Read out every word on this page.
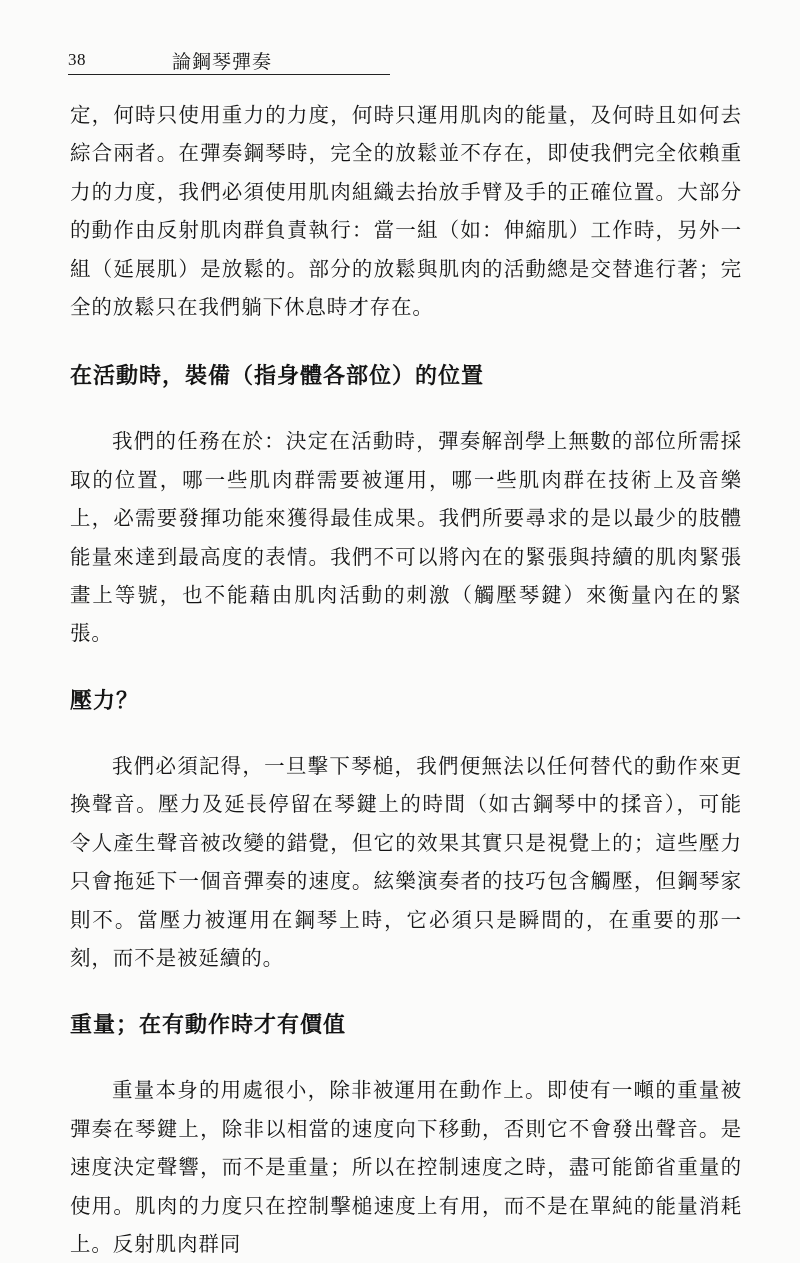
38	論鋼琴彈奏

定，何時只使用重力的力度，何時只運用肌肉的能量，及何時且如何去綜合兩者。在彈奏鋼琴時，完全的放鬆並不存在，即使我們完全依賴重力的力度，我們必須使用肌肉組織去抬放手臂及手的正確位置。大部分的動作由反射肌肉群負責執行：當一組（如：伸縮肌）工作時，另外一組（延展肌）是放鬆的。部分的放鬆與肌肉的活動總是交替進行著；完全的放鬆只在我們躺下休息時才存在。

在活動時，裝備（指身體各部位）的位置

我們的任務在於：決定在活動時，彈奏解剖學上無數的部位所需採取的位置，哪一些肌肉群需要被運用，哪一些肌肉群在技術上及音樂上，必需要發揮功能來獲得最佳成果。我們所要尋求的是以最少的肢體能量來達到最高度的表情。我們不可以將內在的緊張與持續的肌肉緊張畫上等號，也不能藉由肌肉活動的刺激（觸壓琴鍵）來衡量內在的緊張。

壓力？

我們必須記得，一旦擊下琴槌，我們便無法以任何替代的動作來更換聲音。壓力及延長停留在琴鍵上的時間（如古鋼琴中的揉音），可能令人產生聲音被改變的錯覺，但它的效果其實只是視覺上的；這些壓力只會拖延下一個音彈奏的速度。絃樂演奏者的技巧包含觸壓，但鋼琴家則不。當壓力被運用在鋼琴上時，它必須只是瞬間的，在重要的那一刻，而不是被延續的。

重量；在有動作時才有價值

重量本身的用處很小，除非被運用在動作上。即使有一噸的重量被彈奏在琴鍵上，除非以相當的速度向下移動，否則它不會發出聲音。是速度決定聲響，而不是重量；所以在控制速度之時，盡可能節省重量的使用。肌肉的力度只在控制擊槌速度上有用，而不是在單純的能量消耗上。反射肌肉群同
